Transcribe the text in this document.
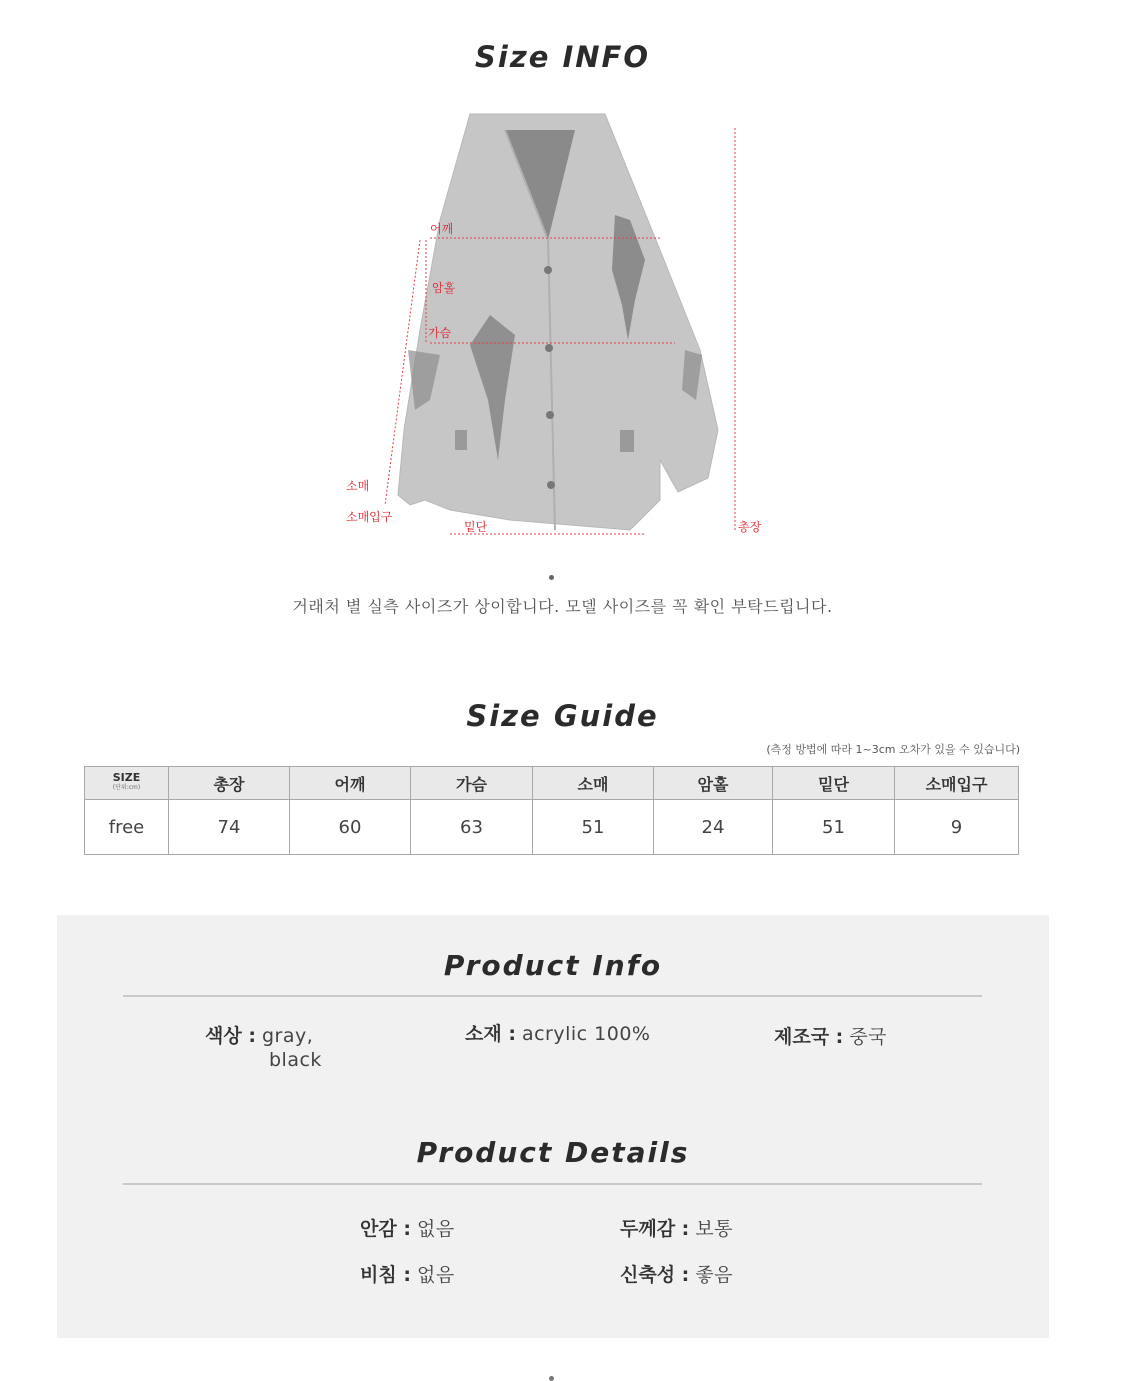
Size INFO
어깨
암홀
가슴
소매
소매입구
밑단	총장
거래처 별 실측 사이즈가 상이합니다. 모델 사이즈를 꼭 확인 부탁드립니다.
Size Guide
(측정 방법에 따라 1~3cm 오차가 있을 수 있습니다)
SIZE
(단위:cm)	총장	어깨	가슴	소매	암홀	밑단	소매입구
free	74	60	63	51	24	51	9
Product Info
색상 : gray,
black
소재 : acrylic 100%	제조국 : 중국
Product Details
안감 : 없음	두께감 : 보통
비침 : 없음	신축성 : 좋음
